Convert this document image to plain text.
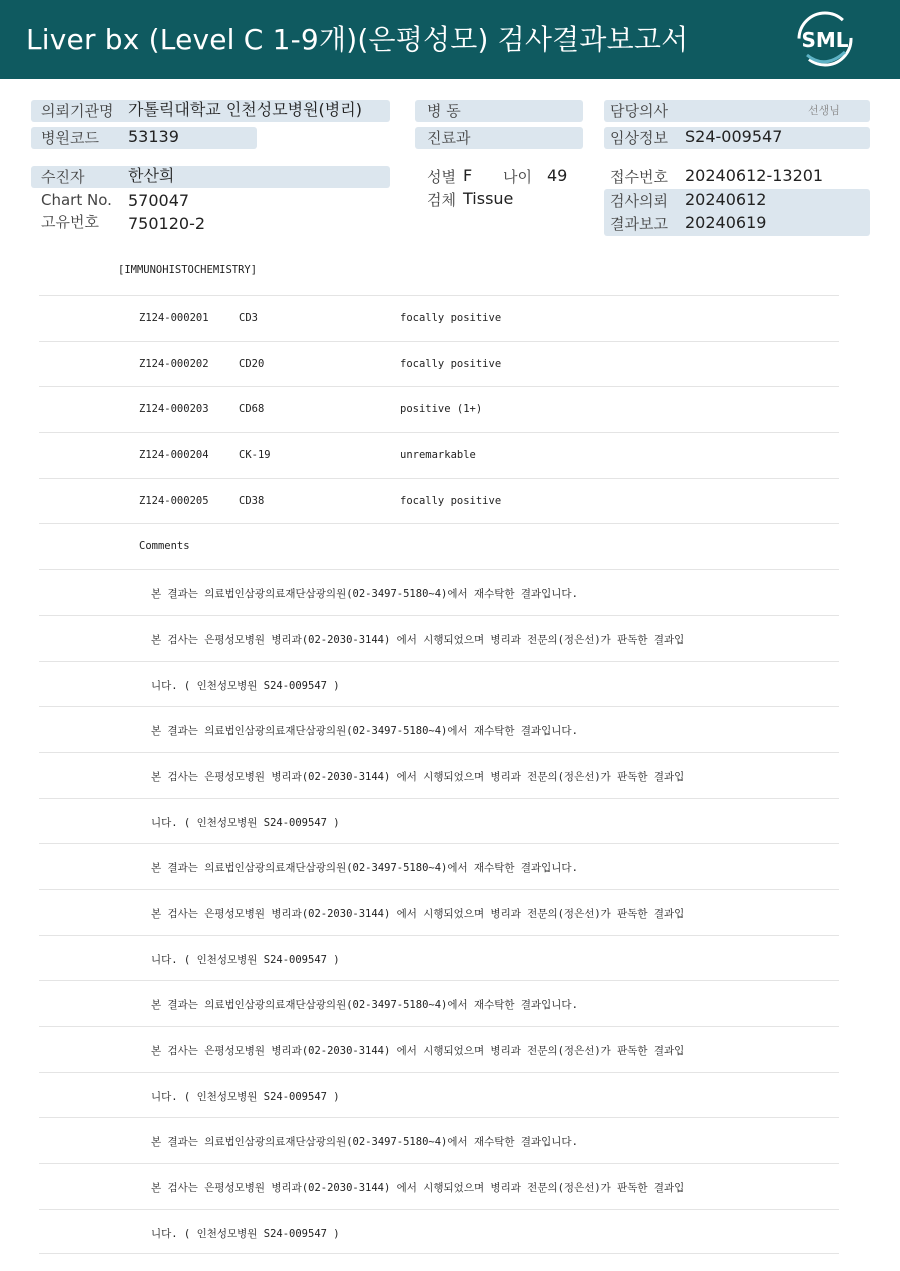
Liver bx (Level C 1-9개)(은평성모) 검사결과보고서	SML
의뢰기관명 가톨릭대학교 인천성모병원(병리)
병원코드 53139
병 동
진료과
담당의사	선생님
임상정보 S24-009547
수진자	한산희
Chart No. 570047
고유번호 750120-2
성별 F 나이 49
검체 Tissue
접수번호 20240612-13201
검사의뢰 20240612
결과보고 20240619
[IMMUNOHISTOCHEMISTRY]
Z124-000201	CD3	focally positive
Z124-000202	CD20	focally positive
Z124-000203	CD68	positive (1+)
Z124-000204	CK-19	unremarkable
Z124-000205	CD38	focally positive
Comments
본 결과는 의료법인삼광의료재단삼광의원(02-3497-5180~4)에서 재수탁한 결과입니다.
본 검사는 은평성모병원 병리과(02-2030-3144) 에서 시행되었으며 병리과 전문의(정은선)가 판독한 결과입
니다. ( 인천성모병원 S24-009547 )
본 결과는 의료법인삼광의료재단삼광의원(02-3497-5180~4)에서 재수탁한 결과입니다.
본 검사는 은평성모병원 병리과(02-2030-3144) 에서 시행되었으며 병리과 전문의(정은선)가 판독한 결과입
니다. ( 인천성모병원 S24-009547 )
본 결과는 의료법인삼광의료재단삼광의원(02-3497-5180~4)에서 재수탁한 결과입니다.
본 검사는 은평성모병원 병리과(02-2030-3144) 에서 시행되었으며 병리과 전문의(정은선)가 판독한 결과입
니다. ( 인천성모병원 S24-009547 )
본 결과는 의료법인삼광의료재단삼광의원(02-3497-5180~4)에서 재수탁한 결과입니다.
본 검사는 은평성모병원 병리과(02-2030-3144) 에서 시행되었으며 병리과 전문의(정은선)가 판독한 결과입
니다. ( 인천성모병원 S24-009547 )
본 결과는 의료법인삼광의료재단삼광의원(02-3497-5180~4)에서 재수탁한 결과입니다.
본 검사는 은평성모병원 병리과(02-2030-3144) 에서 시행되었으며 병리과 전문의(정은선)가 판독한 결과입
니다. ( 인천성모병원 S24-009547 )
